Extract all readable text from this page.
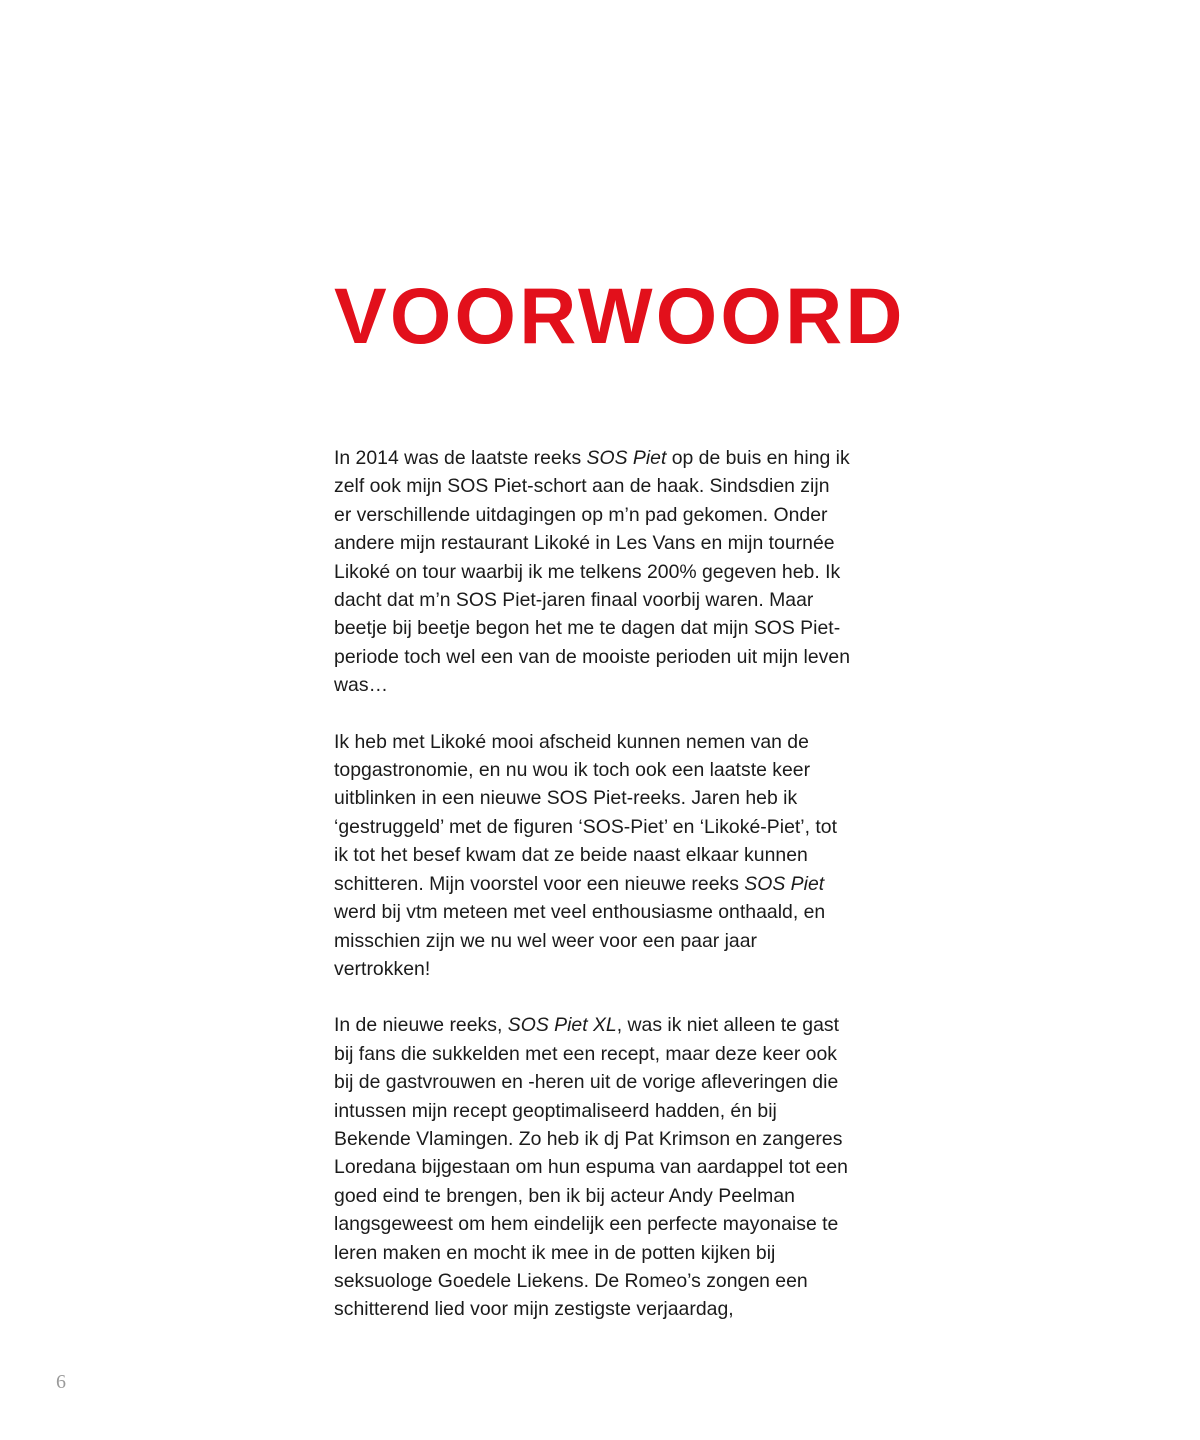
VOORWOORD

In 2014 was de laatste reeks SOS Piet op de buis en hing ik zelf ook mijn SOS Piet-schort aan de haak. Sindsdien zijn er verschillende uitdagingen op m’n pad gekomen. Onder andere mijn restaurant Likoké in Les Vans en mijn tournée Likoké on tour waarbij ik me telkens 200% gegeven heb. Ik dacht dat m’n SOS Piet-jaren finaal voorbij waren. Maar beetje bij beetje begon het me te dagen dat mijn SOS Piet-periode toch wel een van de mooiste perioden uit mijn leven was…

Ik heb met Likoké mooi afscheid kunnen nemen van de topgastronomie, en nu wou ik toch ook een laatste keer uitblinken in een nieuwe SOS Piet-reeks. Jaren heb ik ‘gestruggeld’ met de figuren ‘SOS-Piet’ en ‘Likoké-Piet’, tot ik tot het besef kwam dat ze beide naast elkaar kunnen schitteren. Mijn voorstel voor een nieuwe reeks SOS Piet werd bij vtm meteen met veel enthousiasme onthaald, en misschien zijn we nu wel weer voor een paar jaar vertrokken!

In de nieuwe reeks, SOS Piet XL, was ik niet alleen te gast bij fans die sukkelden met een recept, maar deze keer ook bij de gastvrouwen en -heren uit de vorige afleveringen die intussen mijn recept geoptimaliseerd hadden, én bij Bekende Vlamingen. Zo heb ik dj Pat Krimson en zangeres Loredana bijgestaan om hun espuma van aardappel tot een goed eind te brengen, ben ik bij acteur Andy Peelman langsgeweest om hem eindelijk een perfecte mayonaise te leren maken en mocht ik mee in de potten kijken bij seksuologe Goedele Liekens. De Romeo’s zongen een schitterend lied voor mijn zestigste verjaardag,

6
